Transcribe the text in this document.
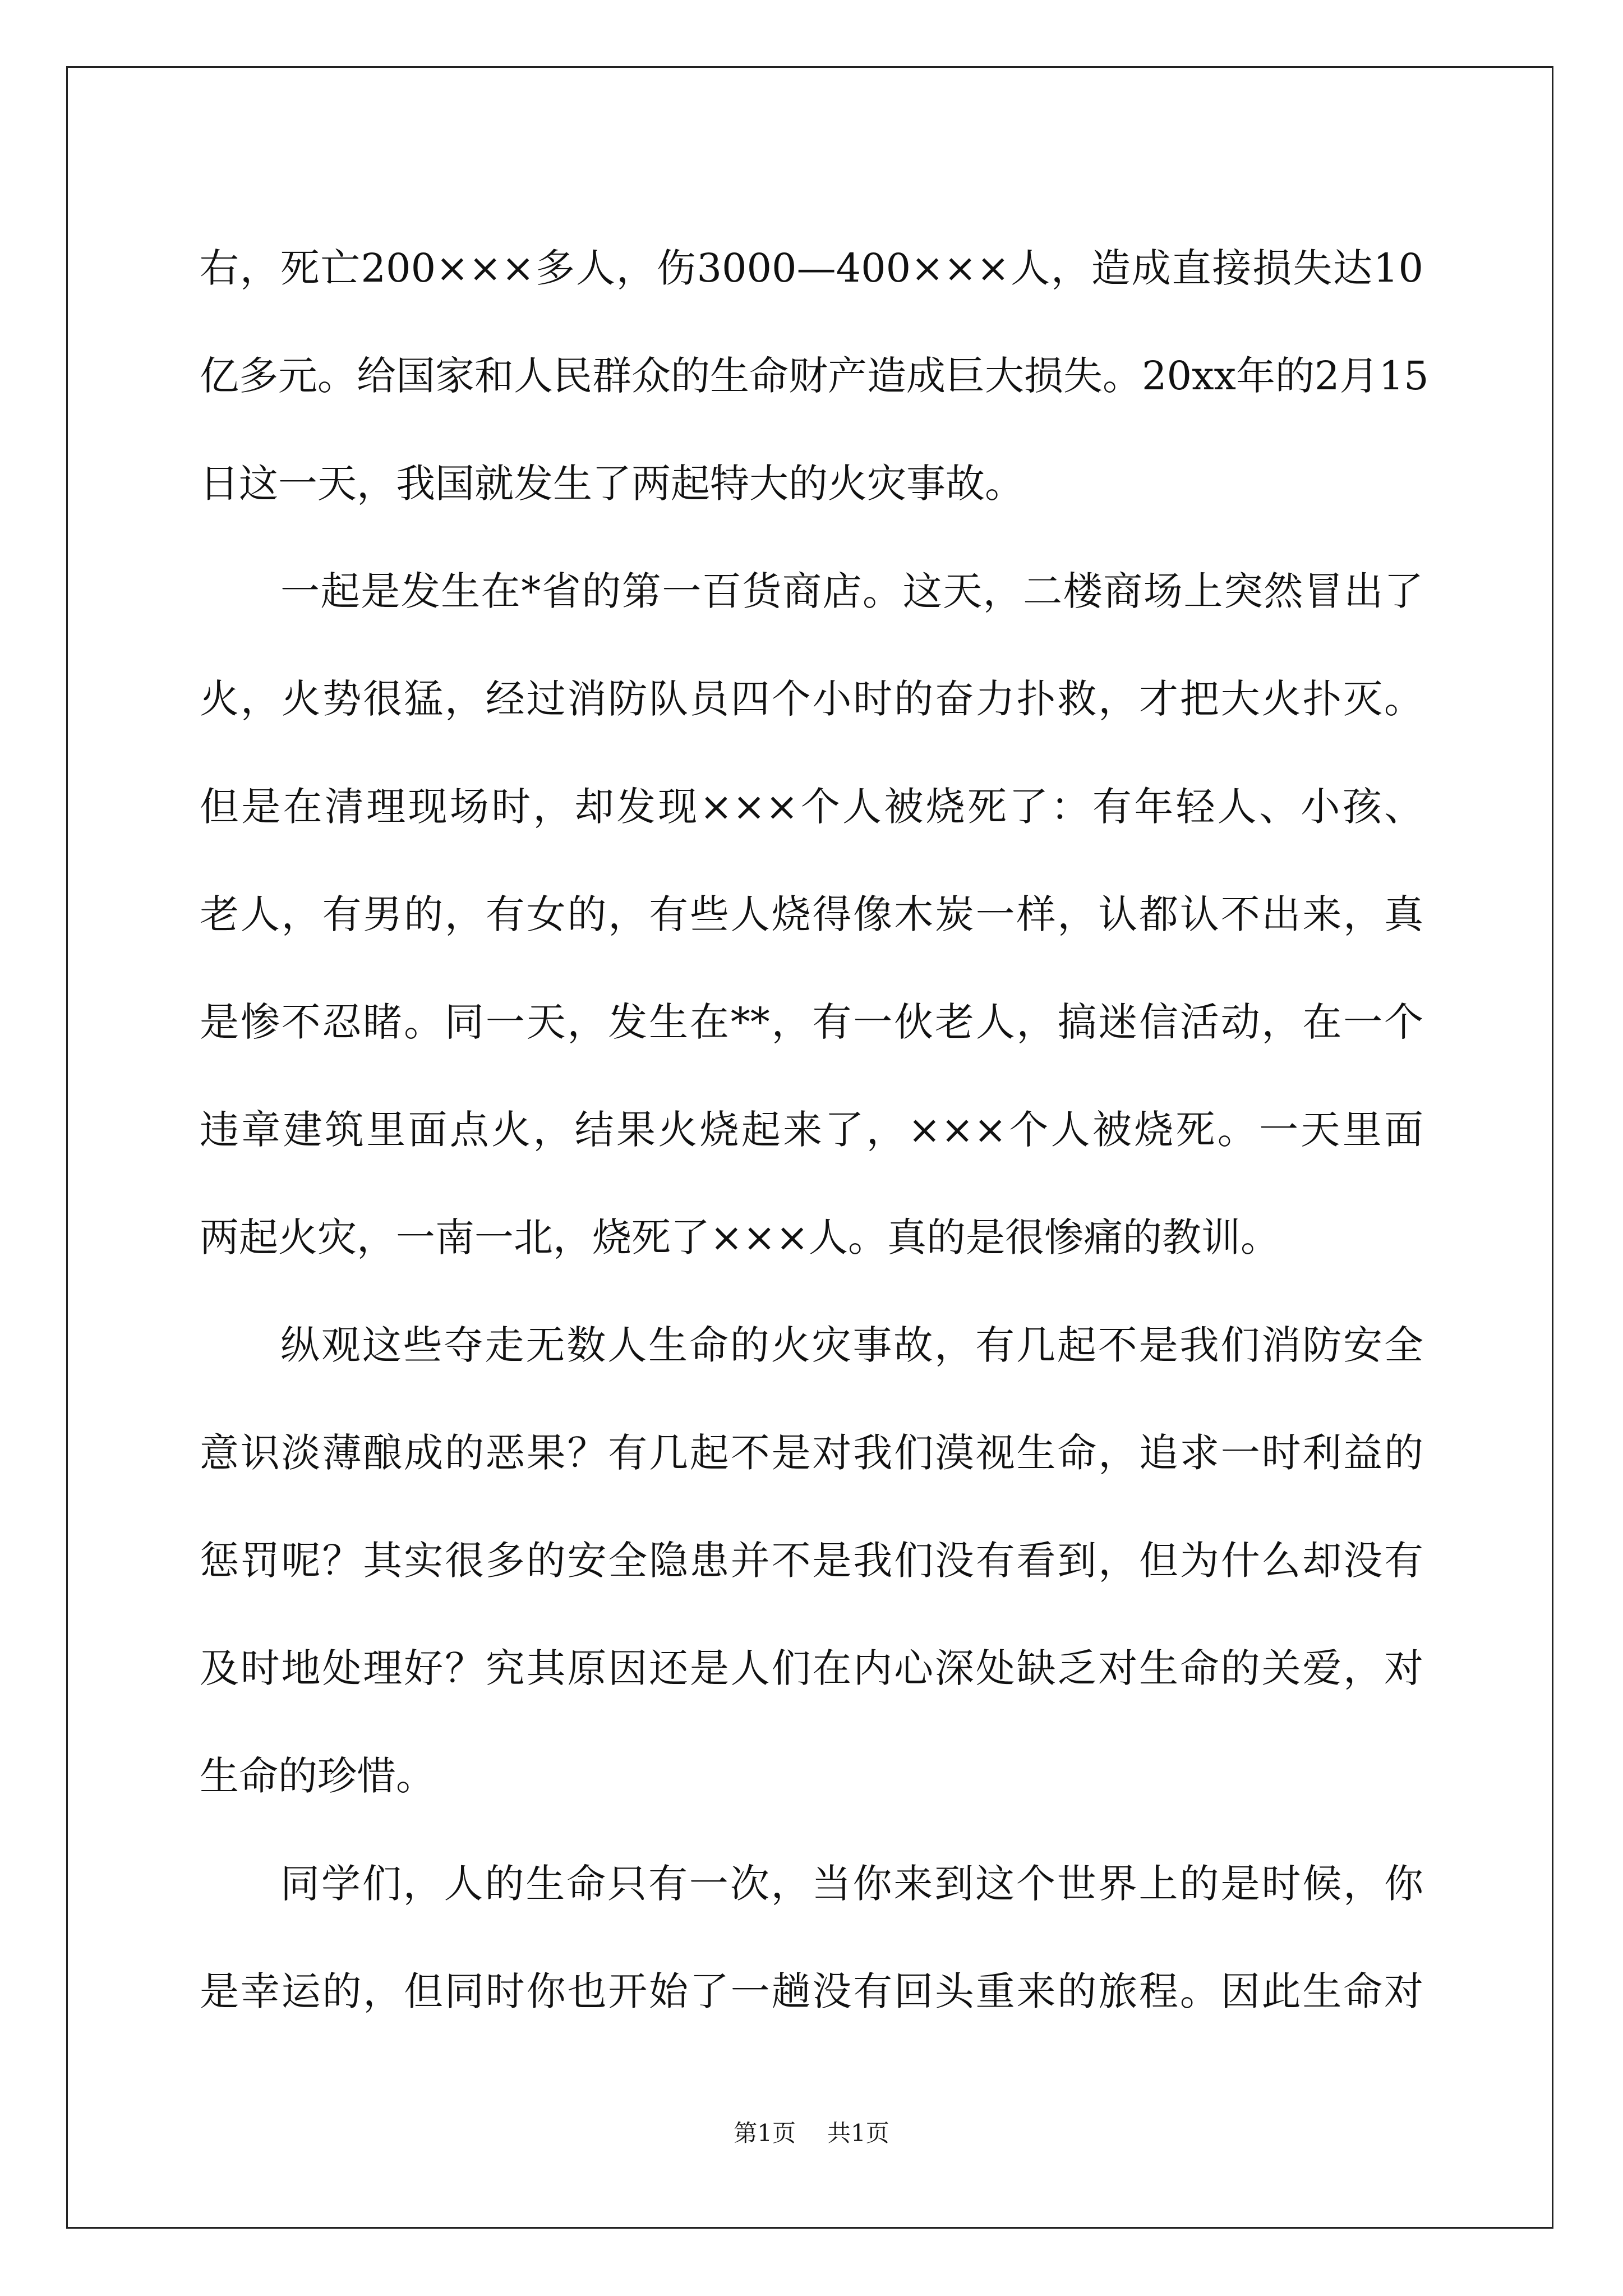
右，死亡200×××多人，伤3000—400×××人，造成直接损失达10
亿多元。给国家和人民群众的生命财产造成巨大损失。20xx年的2月15
日这一天，我国就发生了两起特大的火灾事故。
一起是发生在*省的第一百货商店。这天，二楼商场上突然冒出了
火，火势很猛，经过消防队员四个小时的奋力扑救，才把大火扑灭。
但是在清理现场时，却发现×××个人被烧死了：有年轻人、小孩、
老人，有男的，有女的，有些人烧得像木炭一样，认都认不出来，真
是惨不忍睹。同一天，发生在**，有一伙老人，搞迷信活动，在一个
违章建筑里面点火，结果火烧起来了，×××个人被烧死。一天里面
两起火灾，一南一北，烧死了×××人。真的是很惨痛的教训。
纵观这些夺走无数人生命的火灾事故，有几起不是我们消防安全
意识淡薄酿成的恶果？有几起不是对我们漠视生命，追求一时利益的
惩罚呢？其实很多的安全隐患并不是我们没有看到，但为什么却没有
及时地处理好？究其原因还是人们在内心深处缺乏对生命的关爱，对
生命的珍惜。
同学们，人的生命只有一次，当你来到这个世界上的是时候，你
是幸运的，但同时你也开始了一趟没有回头重来的旅程。因此生命对
第1页 共1页
